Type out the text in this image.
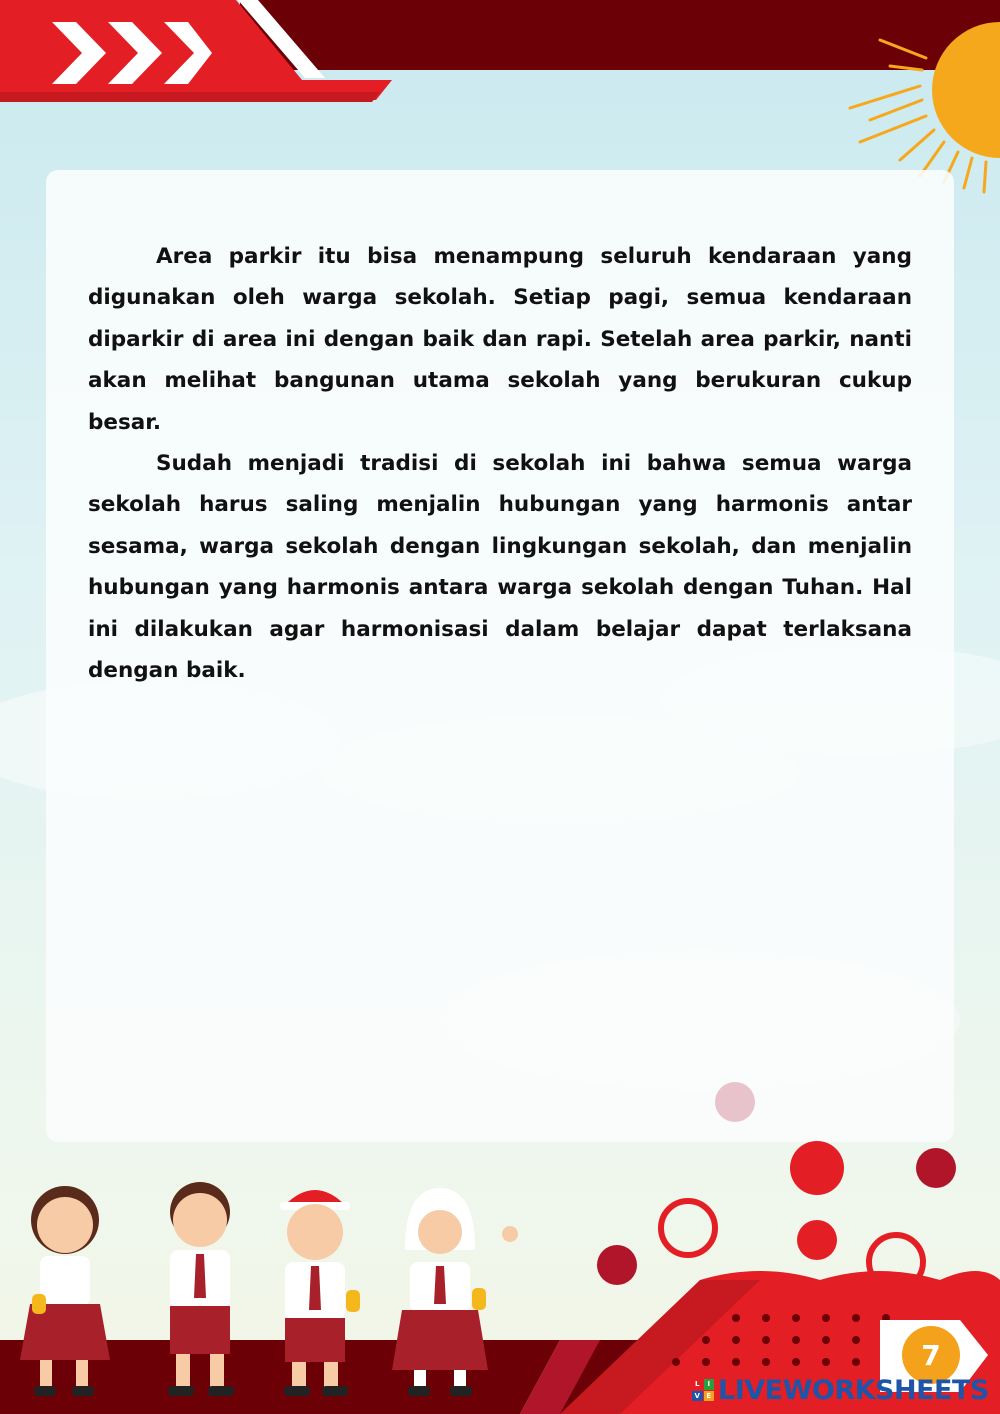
Area parkir itu bisa menampung seluruh kendaraan yang digunakan oleh warga sekolah. Setiap pagi, semua kendaraan diparkir di area ini dengan baik dan rapi. Setelah area parkir, nanti akan melihat bangunan utama sekolah yang berukuran cukup besar.

Sudah menjadi tradisi di sekolah ini bahwa semua warga sekolah harus saling menjalin hubungan yang harmonis antar sesama, warga sekolah dengan lingkungan sekolah, dan menjalin hubungan yang harmonis antara warga sekolah dengan Tuhan. Hal ini dilakukan agar harmonisasi dalam belajar dapat terlaksana dengan baik.

7
L	I
V E LIVEWORKSHEETS
